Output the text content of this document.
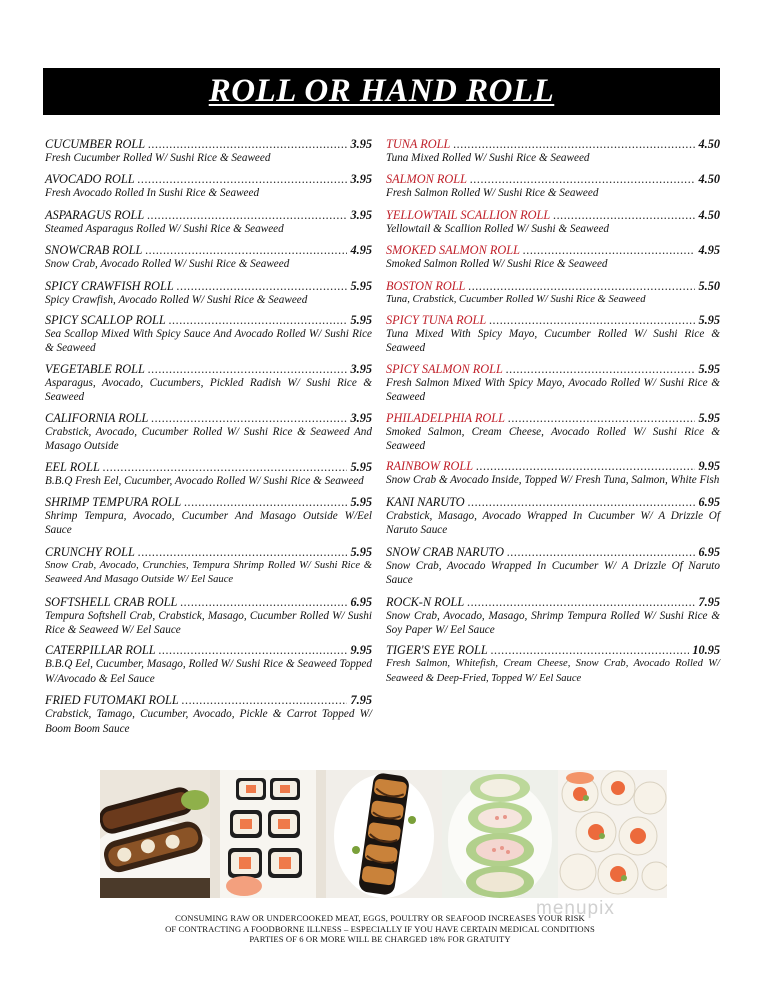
ROLL OR HAND ROLL
CUCUMBER ROLL .....	3.95
Fresh Cucumber Rolled W/ Sushi Rice & Seaweed
AVOCADO ROLL .....	3.95
Fresh Avocado Rolled In Sushi Rice & Seaweed
ASPARAGUS ROLL .....	3.95
Steamed Asparagus Rolled W/ Sushi Rice & Seaweed
SNOWCRAB ROLL .....	4.95
Snow Crab, Avocado Rolled W/ Sushi Rice & Seaweed
SPICY CRAWFISH ROLL .....	5.95
Spicy Crawfish, Avocado Rolled W/ Sushi Rice & Seaweed
SPICY SCALLOP ROLL .....	5.95
Sea Scallop Mixed With Spicy Sauce And Avocado Rolled W/ Sushi Rice & Seaweed
VEGETABLE ROLL .....	3.95
Asparagus, Avocado, Cucumbers, Pickled Radish W/ Sushi Rice & Seaweed
CALIFORNIA ROLL .....	3.95
Crabstick, Avocado, Cucumber Rolled W/ Sushi Rice & Seaweed And Masago Outside
EEL ROLL .....	5.95
B.B.Q Fresh Eel, Cucumber, Avocado Rolled W/ Sushi Rice & Seaweed
SHRIMP TEMPURA ROLL .....	5.95
Shrimp Tempura, Avocado, Cucumber And Masago Outside W/Eel Sauce
CRUNCHY ROLL .....	5.95
Snow Crab, Avocado, Crunchies, Tempura Shrimp Rolled W/ Sushi Rice & Seaweed And Masago Outside W/ Eel Sauce
SOFTSHELL CRAB ROLL .....	6.95
Tempura Softshell Crab, Crabstick, Masago, Cucumber Rolled W/ Sushi Rice & Seaweed W/ Eel Sauce
CATERPILLAR ROLL .....	9.95
B.B.Q Eel, Cucumber, Masago, Rolled W/ Sushi Rice & Seaweed Topped W/Avocado & Eel Sauce
FRIED FUTOMAKI ROLL .....	7.95
Crabstick, Tamago, Cucumber, Avocado, Pickle & Carrot Topped W/ Boom Boom Sauce
TUNA ROLL .....	4.50
Tuna Mixed Rolled W/ Sushi Rice & Seaweed
SALMON ROLL .....	4.50
Fresh Salmon Rolled W/ Sushi Rice & Seaweed
YELLOWTAIL SCALLION ROLL .....	4.50
Yellowtail & Scallion Rolled W/ Sushi & Seaweed
SMOKED SALMON ROLL .....	4.95
Smoked Salmon Rolled W/ Sushi Rice & Seaweed
BOSTON ROLL .....	5.50
Tuna, Crabstick, Cucumber Rolled W/ Sushi Rice & Seaweed
SPICY TUNA ROLL .....	5.95
Tuna Mixed With Spicy Mayo, Cucumber Rolled W/ Sushi Rice & Seaweed
SPICY SALMON ROLL .....	5.95
Fresh Salmon Mixed With Spicy Mayo, Avocado Rolled W/ Sushi Rice & Seaweed
PHILADELPHIA ROLL .....	5.95
Smoked Salmon, Cream Cheese, Avocado Rolled W/ Sushi Rice & Seaweed
RAINBOW ROLL .....	9.95
Snow Crab & Avocado Inside, Topped W/ Fresh Tuna, Salmon, White Fish
KANI NARUTO .....	6.95
Crabstick, Masago, Avocado Wrapped In Cucumber W/ A Drizzle Of Naruto Sauce
SNOW CRAB NARUTO .....	6.95
Snow Crab, Avocado Wrapped In Cucumber W/ A Drizzle Of Naruto Sauce
ROCK-N ROLL .....	7.95
Snow Crab, Avocado, Masago, Shrimp Tempura Rolled W/ Sushi Rice & Soy Paper W/ Eel Sauce
TIGER'S EYE ROLL .....	10.95
Fresh Salmon, Whitefish, Cream Cheese, Snow Crab, Avocado Rolled W/ Seaweed & Deep-Fried, Topped W/ Eel Sauce
menupix
CONSUMING RAW OR UNDERCOOKED MEAT, EGGS, POULTRY OR SEAFOOD INCREASES YOUR RISK
OF CONTRACTING A FOODBORNE ILLNESS – ESPECIALLY IF YOU HAVE CERTAIN MEDICAL CONDITIONS
PARTIES OF 6 OR MORE WILL BE CHARGED 18% FOR GRATUITY
